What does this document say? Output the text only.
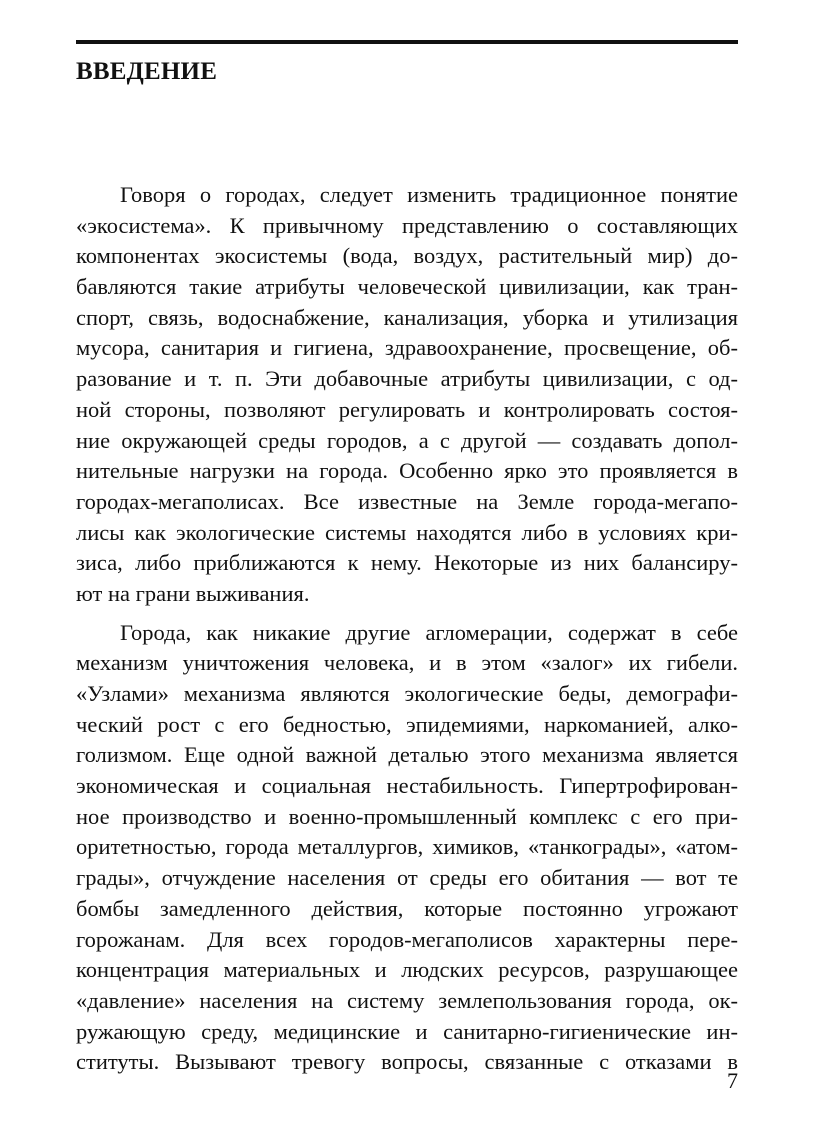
ВВЕДЕНИЕ
Говоря о городах, следует изменить традиционное понятие
«экосистема». К привычному представлению о составляющих
компонентах экосистемы (вода, воздух, растительный мир) до-
бавляются такие атрибуты человеческой цивилизации, как тран-
спорт, связь, водоснабжение, канализация, уборка и утилизация
мусора, санитария и гигиена, здравоохранение, просвещение, об-
разование и т. п. Эти добавочные атрибуты цивилизации, с од-
ной стороны, позволяют регулировать и контролировать состоя-
ние окружающей среды городов, а с другой — создавать допол-
нительные нагрузки на города. Особенно ярко это проявляется в
городах-мегаполисах. Все известные на Земле города-мегапо-
лисы как экологические системы находятся либо в условиях кри-
зиса, либо приближаются к нему. Некоторые из них балансиру-
ют на грани выживания.
Города, как никакие другие агломерации, содержат в себе
механизм уничтожения человека, и в этом «залог» их гибели.
«Узлами» механизма являются экологические беды, демографи-
ческий рост с его бедностью, эпидемиями, наркоманией, алко-
голизмом. Еще одной важной деталью этого механизма является
экономическая и социальная нестабильность. Гипертрофирован-
ное производство и военно-промышленный комплекс с его при-
оритетностью, города металлургов, химиков, «танкограды», «атом-
грады», отчуждение населения от среды его обитания — вот те
бомбы замедленного действия, которые постоянно угрожают
горожанам. Для всех городов-мегаполисов характерны пере-
концентрация материальных и людских ресурсов, разрушающее
«давление» населения на систему землепользования города, ок-
ружающую среду, медицинские и санитарно-гигиенические ин-
ституты. Вызывают тревогу вопросы, связанные с отказами в
7
